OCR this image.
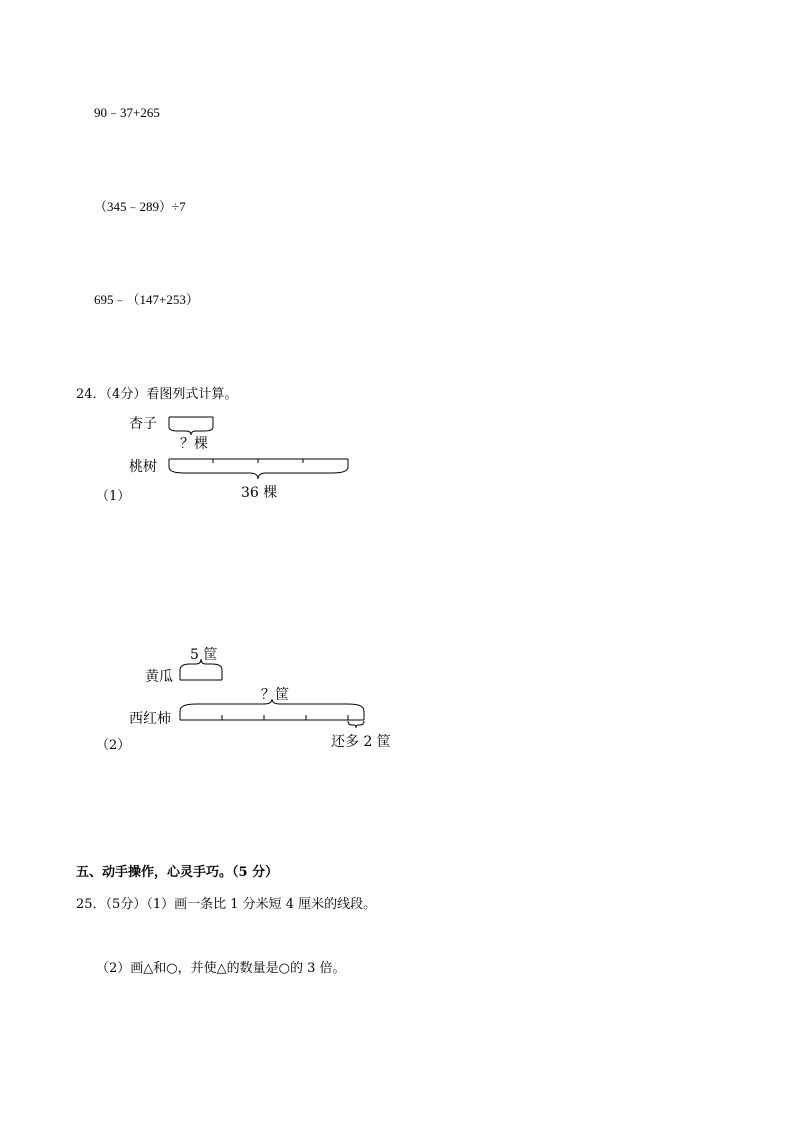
90﹣37+265
（345﹣289）÷7
695﹣（147+253）
24．（4分）看图列式计算。
杏子
？棵
桃树
36 棵
（1）
5 筐
黄瓜
？筐
西红柿
还多 2 筐
（2）
五、动手操作，心灵手巧。（5 分）
25．（5分）（1）画一条比 1 分米短 4 厘米的线段。
（2）画△和○，并使△的数量是○的 3 倍。
